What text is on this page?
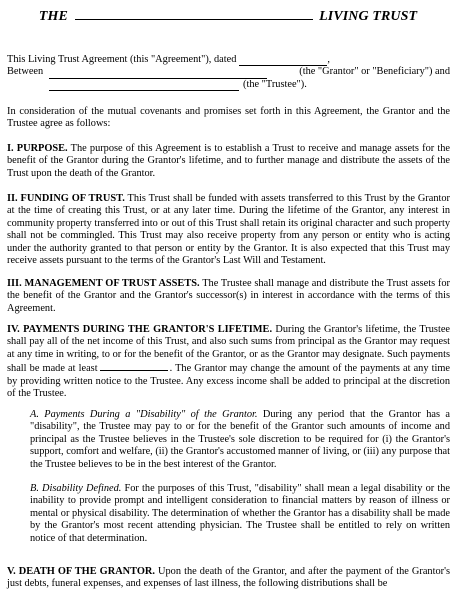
THE	LIVING TRUST
This Living Trust Agreement (this "Agreement"), dated	,
Between	(the "Grantor" or "Beneficiary") and
(the "Trustee").
In consideration of the mutual covenants and promises set forth in this Agreement, the Grantor and the Trustee agree as follows:
I. PURPOSE. The purpose of this Agreement is to establish a Trust to receive and manage assets for the benefit of the Grantor during the Grantor's lifetime, and to further manage and distribute the assets of the Trust upon the death of the Grantor.
II. FUNDING OF TRUST. This Trust shall be funded with assets transferred to this Trust by the Grantor at the time of creating this Trust, or at any later time. During the lifetime of the Grantor, any interest in community property transferred into or out of this Trust shall retain its original character and such property shall not be commingled. This Trust may also receive property from any person or entity who is acting under the authority granted to that person or entity by the Grantor. It is also expected that this Trust may receive assets pursuant to the terms of the Grantor's Last Will and Testament.
III. MANAGEMENT OF TRUST ASSETS. The Trustee shall manage and distribute the Trust assets for the benefit of the Grantor and the Grantor's successor(s) in interest in accordance with the terms of this Agreement.
IV. PAYMENTS DURING THE GRANTOR'S LIFETIME. During the Grantor's lifetime, the Trustee shall pay all of the net income of this Trust, and also such sums from principal as the Grantor may request at any time in writing, to or for the benefit of the Grantor, or as the Grantor may designate. Such payments shall be made at least	. The Grantor may change the amount of the payments at any time by providing written notice to the Trustee. Any excess income shall be added to principal at the discretion of the Trustee.
A. Payments During a "Disability" of the Grantor. During any period that the Grantor has a "disability", the Trustee may pay to or for the benefit of the Grantor such amounts of income and principal as the Trustee believes in the Trustee's sole discretion to be required for (i) the Grantor's support, comfort and welfare, (ii) the Grantor's accustomed manner of living, or (iii) any purpose that the Trustee believes to be in the best interest of the Grantor.
B. Disability Defined. For the purposes of this Trust, "disability" shall mean a legal disability or the inability to provide prompt and intelligent consideration to financial matters by reason of illness or mental or physical disability. The determination of whether the Grantor has a disability shall be made by the Grantor's most recent attending physician. The Trustee shall be entitled to rely on written notice of that determination.
V. DEATH OF THE GRANTOR. Upon the death of the Grantor, and after the payment of the Grantor's just debts, funeral expenses, and expenses of last illness, the following distributions shall be
